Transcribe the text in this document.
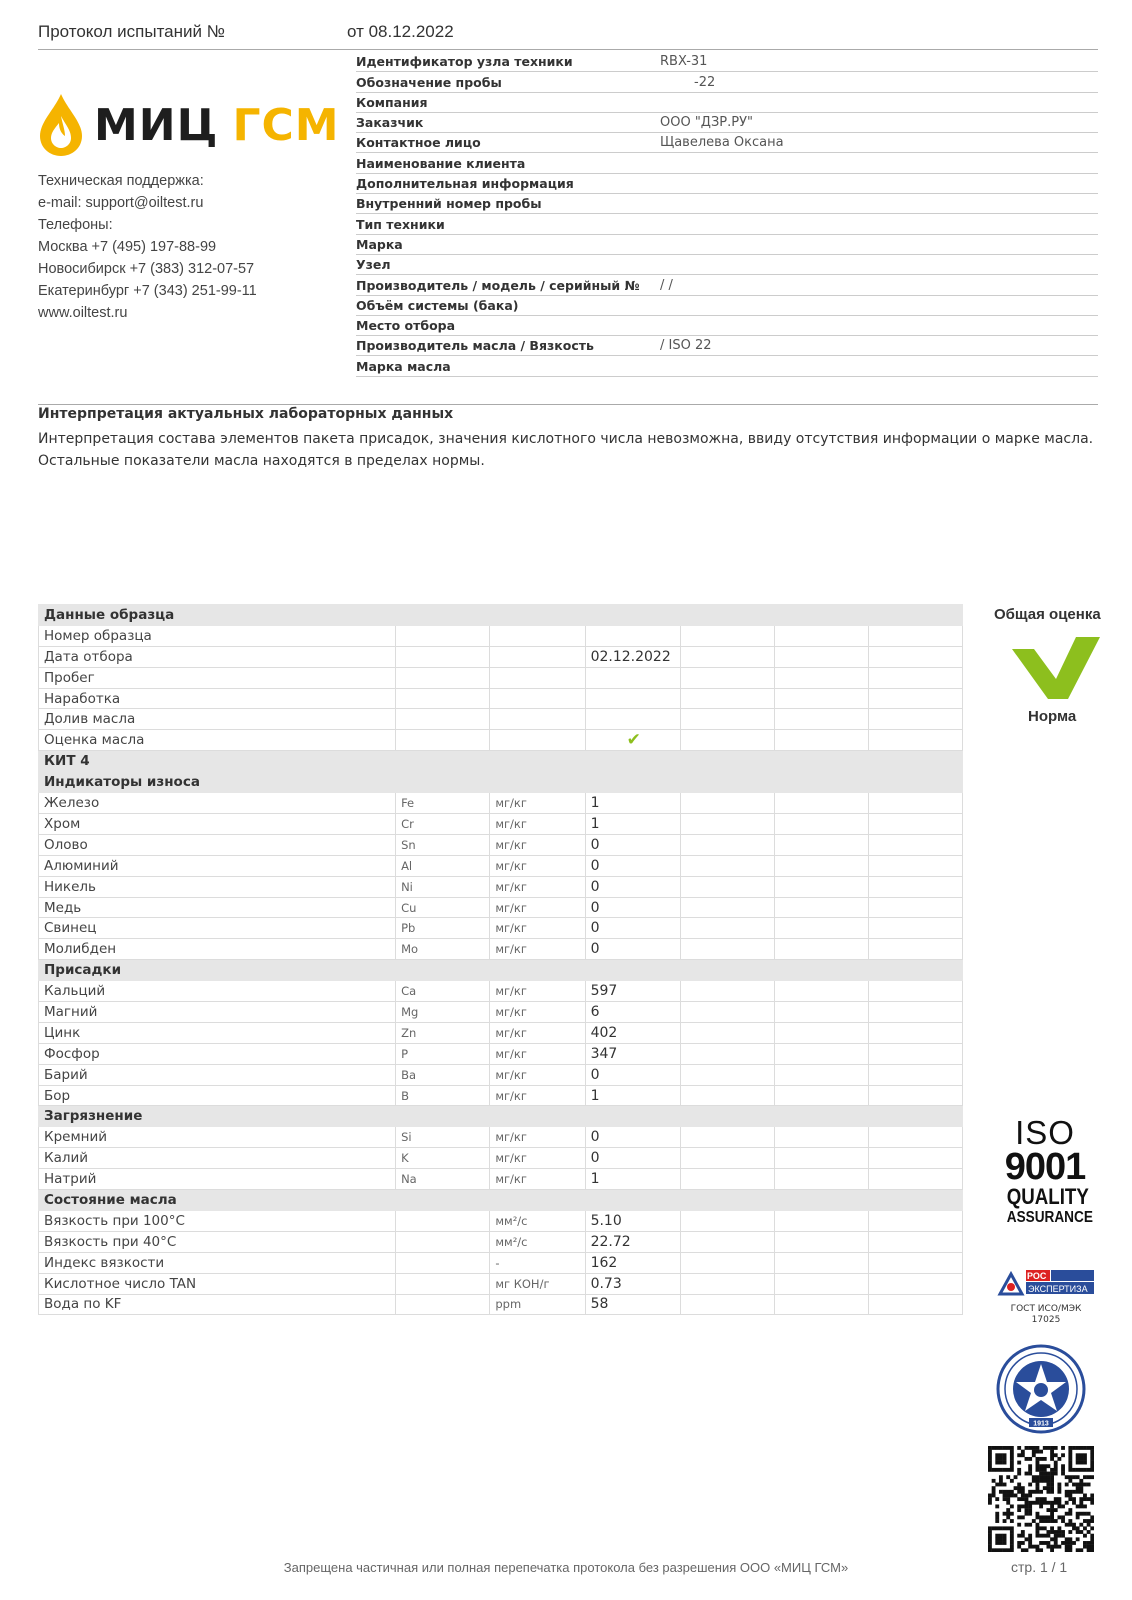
Протокол испытаний №	от 08.12.2022
МИЦ ГСМ
Техническая поддержка:
e-mail: support@oiltest.ru
Телефоны:
Москва +7 (495) 197-88-99
Новосибирск +7 (383) 312-07-57
Екатеринбург +7 (343) 251-99-11
www.oiltest.ru
Идентификатор узла техники	RBX-31
Обозначение пробы	-22
Компания
Заказчик	ООО "ДЗР.РУ"
Контактное лицо	Щавелева Оксана
Наименование клиента
Дополнительная информация
Внутренний номер пробы
Тип техники
Марка
Узел
Производитель / модель / серийный №	/ /
Объём системы (бака)
Место отбора
Производитель масла / Вязкость	/ ISO 22
Марка масла
Интерпретация актуальных лабораторных данных
Интерпретация состава элементов пакета присадок, значения кислотного числа невозможна, ввиду отсутствия информации о марке масла. Остальные показатели масла находятся в пределах нормы.
Данные образца						
Номер образца						
Дата отбора			02.12.2022			
Пробег						
Наработка						
Долив масла						
Оценка масла			✔			
КИТ 4						
Индикаторы износа						
Железо	Fe	мг/кг	1			
Хром	Cr	мг/кг	1			
Олово	Sn	мг/кг	0			
Алюминий	Al	мг/кг	0			
Никель	Ni	мг/кг	0			
Медь	Cu	мг/кг	0			
Свинец	Pb	мг/кг	0			
Молибден	Mo	мг/кг	0			
Присадки						
Кальций	Ca	мг/кг	597			
Магний	Mg	мг/кг	6			
Цинк	Zn	мг/кг	402			
Фосфор	P	мг/кг	347			
Барий	Ba	мг/кг	0			
Бор	B	мг/кг	1			
Загрязнение						
Кремний	Si	мг/кг	0			
Калий	K	мг/кг	0			
Натрий	Na	мг/кг	1			
Состояние масла						
Вязкость при 100°C		мм²/с	5.10			
Вязкость при 40°C		мм²/с	22.72			
Индекс вязкости		-	162			
Кислотное число TAN		мг КОН/г	0.73			
Вода по KF		ppm	58			
Общая оценка
Норма
ISO
9001
QUALITY
ASSURANCE
РОС
ЭКСПЕРТИЗА
ГОСТ ИСО/МЭК 17025
1913
Запрещена частичная или полная перепечатка протокола без разрешения ООО «МИЦ ГСМ»	стр. 1 / 1
